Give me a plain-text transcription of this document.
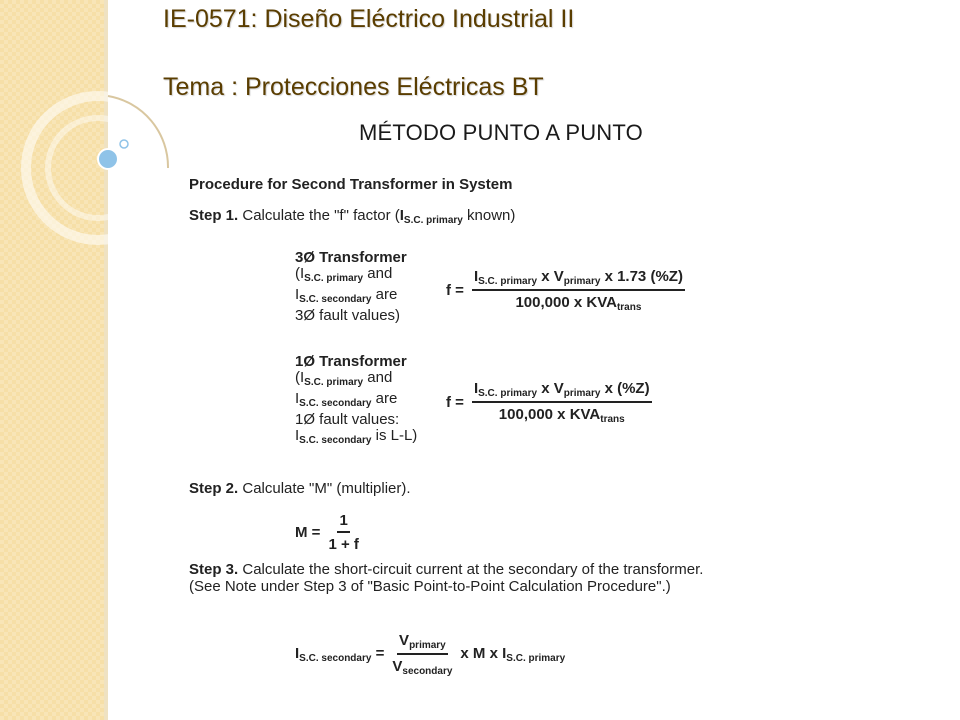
IE-0571: Diseño Eléctrico Industrial II
Tema : Protecciones Eléctricas BT
MÉTODO PUNTO A PUNTO
Procedure for Second Transformer in System
Step 1. Calculate the "f" factor ($I_{S.C. primary}$ known)
3Ø Transformer
($I_{S.C. primary}$ and
$I_{S.C. secondary}$ are
3Ø fault values)
$f = \frac{I_{S.C. primary} x V_{primary} x 1.73 (\%Z)}{100,000 x KVA_{trans}}$
1Ø Transformer
($I_{S.C. primary}$ and
$I_{S.C. secondary}$ are
1Ø fault values:
$I_{S.C. secondary}$ is L-L)
$f = \frac{I_{S.C. primary} x V_{primary} x (\%Z)}{100,000 x KVA_{trans}}$
Step 2. Calculate "M" (multiplier).
$M = \frac{1}{1 + f}$
Step 3. Calculate the short-circuit current at the secondary of the transformer. (See Note under Step 3 of "Basic Point-to-Point Calculation Procedure".)
$I_{S.C. secondary} = \frac{V_{primary}}{V_{secondary}}$ x M x $I_{S.C. primary}$
